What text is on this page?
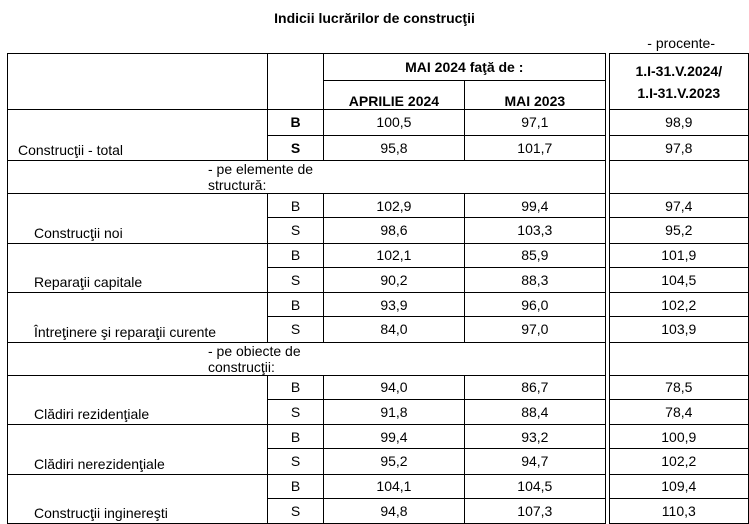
Indicii lucrărilor de construcţii
- procente-
		MAI 2024 faţă de :			1.I-31.V.2024/
1.I-31.V.2023
		APRILIE 2024	MAI 2023		
	B	100,5	97,1		98,9
Construcţii - total	S	95,8	101,7		97,8
- pe elemente de structură:					
	B	102,9	99,4		97,4
Construcţii noi	S	98,6	103,3		95,2
	B	102,1	85,9		101,9
Reparaţii capitale	S	90,2	88,3		104,5
	B	93,9	96,0		102,2
Întreţinere şi reparaţii curente	S	84,0	97,0		103,9
- pe obiecte de construcţii:					
	B	94,0	86,7		78,5
Clădiri rezidenţiale	S	91,8	88,4		78,4
	B	99,4	93,2		100,9
Clădiri nerezidenţiale	S	95,2	94,7		102,2
	B	104,1	104,5		109,4
Construcţii inginereşti	S	94,8	107,3		110,3
